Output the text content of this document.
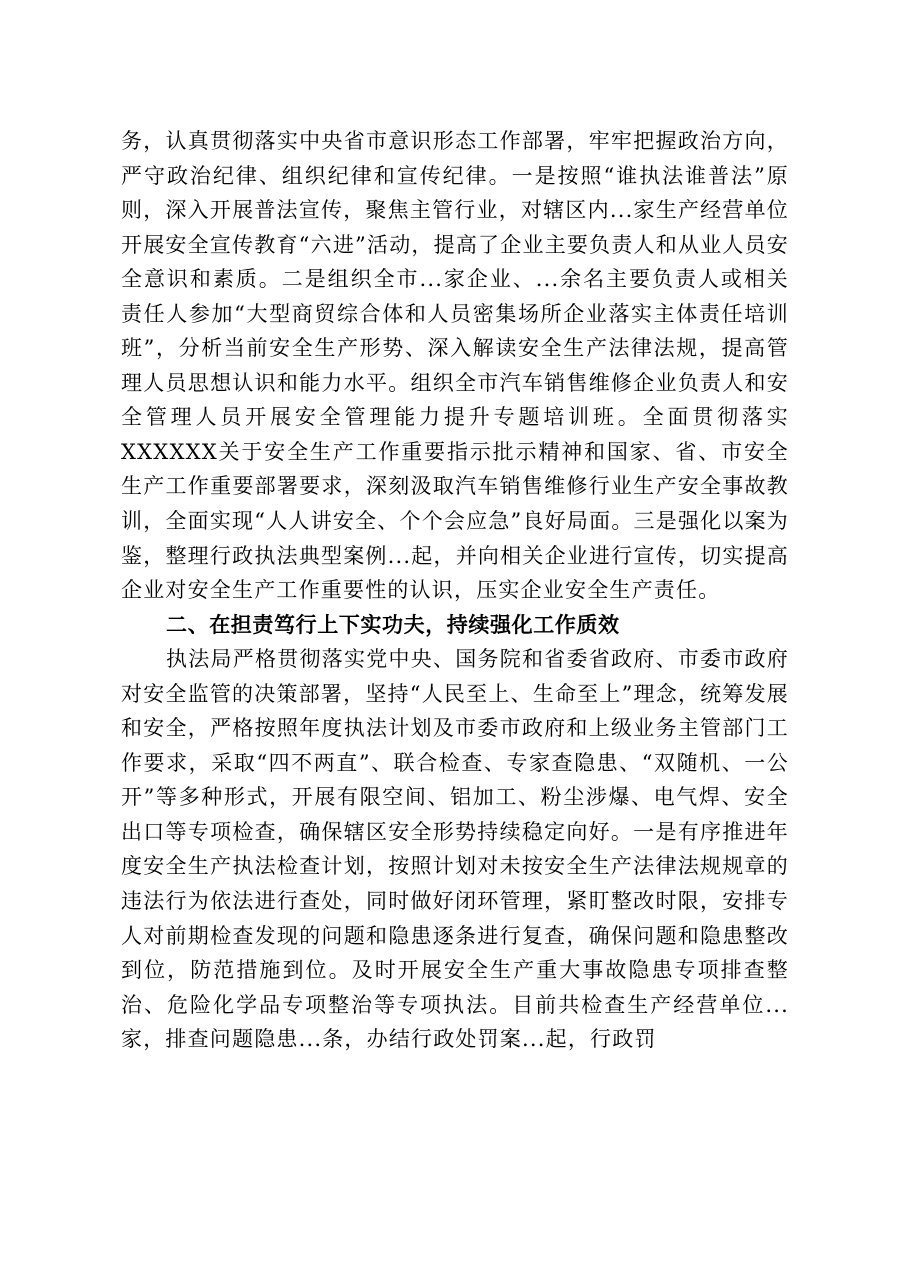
务，认真贯彻落实中央省市意识形态工作部署，牢牢把握政治方向，严守政治纪律、组织纪律和宣传纪律。一是按照“谁执法谁普法”原则，深入开展普法宣传，聚焦主管行业，对辖区内...家生产经营单位开展安全宣传教育“六进”活动，提高了企业主要负责人和从业人员安全意识和素质。二是组织全市...家企业、...余名主要负责人或相关责任人参加“大型商贸综合体和人员密集场所企业落实主体责任培训班”，分析当前安全生产形势、深入解读安全生产法律法规，提高管理人员思想认识和能力水平。组织全市汽车销售维修企业负责人和安全管理人员开展安全管理能力提升专题培训班。全面贯彻落实XXXXXX关于安全生产工作重要指示批示精神和国家、省、市安全生产工作重要部署要求，深刻汲取汽车销售维修行业生产安全事故教训，全面实现“人人讲安全、个个会应急”良好局面。三是强化以案为鉴，整理行政执法典型案例...起，并向相关企业进行宣传，切实提高企业对安全生产工作重要性的认识，压实企业安全生产责任。

二、在担责笃行上下实功夫，持续强化工作质效

执法局严格贯彻落实党中央、国务院和省委省政府、市委市政府对安全监管的决策部署，坚持“人民至上、生命至上”理念，统筹发展和安全，严格按照年度执法计划及市委市政府和上级业务主管部门工作要求，采取“四不两直”、联合检查、专家查隐患、“双随机、一公开”等多种形式，开展有限空间、铝加工、粉尘涉爆、电气焊、安全出口等专项检查，确保辖区安全形势持续稳定向好。一是有序推进年度安全生产执法检查计划，按照计划对未按安全生产法律法规规章的违法行为依法进行查处，同时做好闭环管理，紧盯整改时限，安排专人对前期检查发现的问题和隐患逐条进行复查，确保问题和隐患整改到位，防范措施到位。及时开展安全生产重大事故隐患专项排查整治、危险化学品专项整治等专项执法。目前共检查生产经营单位...家，排查问题隐患...条，办结行政处罚案...起，行政罚
